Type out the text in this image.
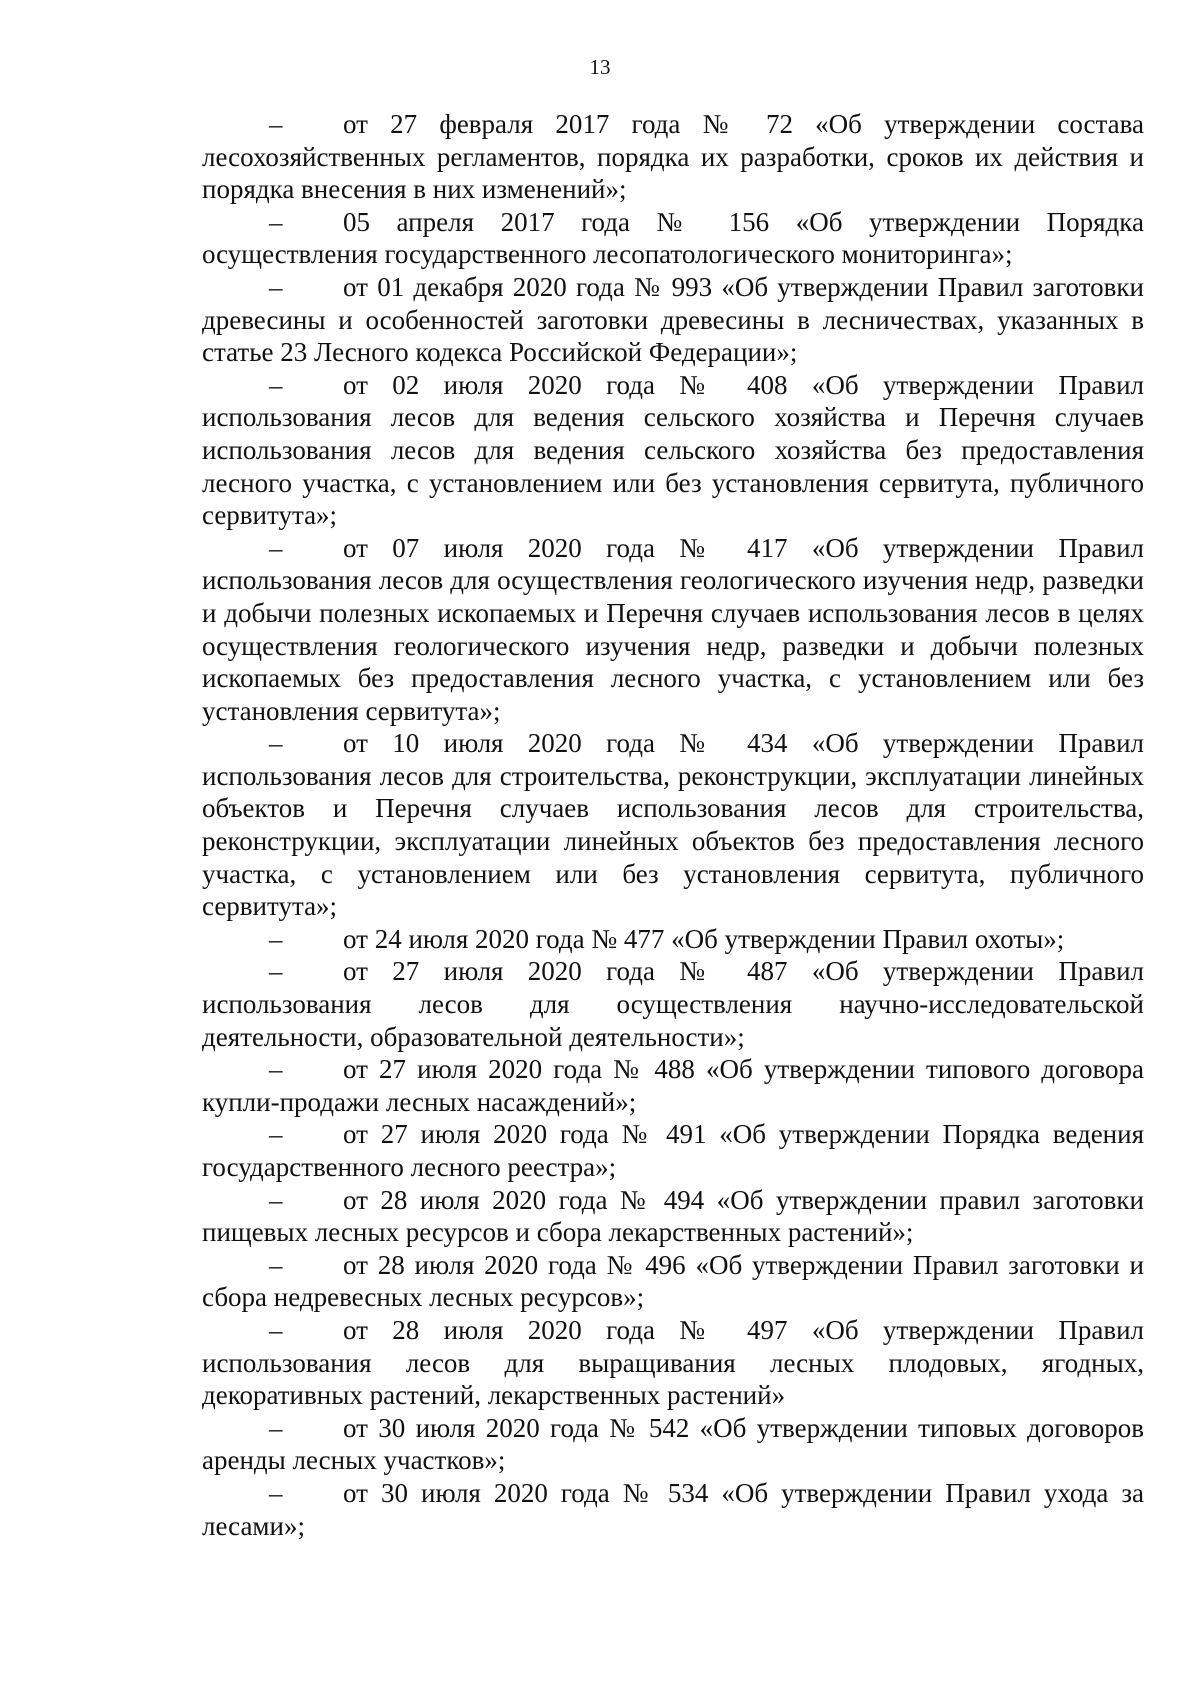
13

– от 27 февраля 2017 года № 72 «Об утверждении состава лесохозяйственных регламентов, порядка их разработки, сроков их действия и порядка внесения в них изменений»;

– 05 апреля 2017 года № 156 «Об утверждении Порядка осуществления государственного лесопатологического мониторинга»;

– от 01 декабря 2020 года № 993 «Об утверждении Правил заготовки древесины и особенностей заготовки древесины в лесничествах, указанных в статье 23 Лесного кодекса Российской Федерации»;

– от 02 июля 2020 года № 408 «Об утверждении Правил использования лесов для ведения сельского хозяйства и Перечня случаев использования лесов для ведения сельского хозяйства без предоставления лесного участка, с установлением или без установления сервитута, публичного сервитута»;

– от 07 июля 2020 года № 417 «Об утверждении Правил использования лесов для осуществления геологического изучения недр, разведки и добычи полезных ископаемых и Перечня случаев использования лесов в целях осуществления геологического изучения недр, разведки и добычи полезных ископаемых без предоставления лесного участка, с установлением или без установления сервитута»;

– от 10 июля 2020 года № 434 «Об утверждении Правил использования лесов для строительства, реконструкции, эксплуатации линейных объектов и Перечня случаев использования лесов для строительства, реконструкции, эксплуатации линейных объектов без предоставления лесного участка, с установлением или без установления сервитута, публичного сервитута»;

– от 24 июля 2020 года № 477 «Об утверждении Правил охоты»;

– от 27 июля 2020 года № 487 «Об утверждении Правил использования лесов для осуществления научно-исследовательской деятельности, образовательной деятельности»;

– от 27 июля 2020 года № 488 «Об утверждении типового договора купли-продажи лесных насаждений»;

– от 27 июля 2020 года № 491 «Об утверждении Порядка ведения государственного лесного реестра»;

– от 28 июля 2020 года № 494 «Об утверждении правил заготовки пищевых лесных ресурсов и сбора лекарственных растений»;

– от 28 июля 2020 года № 496 «Об утверждении Правил заготовки и сбора недревесных лесных ресурсов»;

– от 28 июля 2020 года № 497 «Об утверждении Правил использования лесов для выращивания лесных плодовых, ягодных, декоративных растений, лекарственных растений»

– от 30 июля 2020 года № 542 «Об утверждении типовых договоров аренды лесных участков»;

– от 30 июля 2020 года № 534 «Об утверждении Правил ухода за лесами»;
